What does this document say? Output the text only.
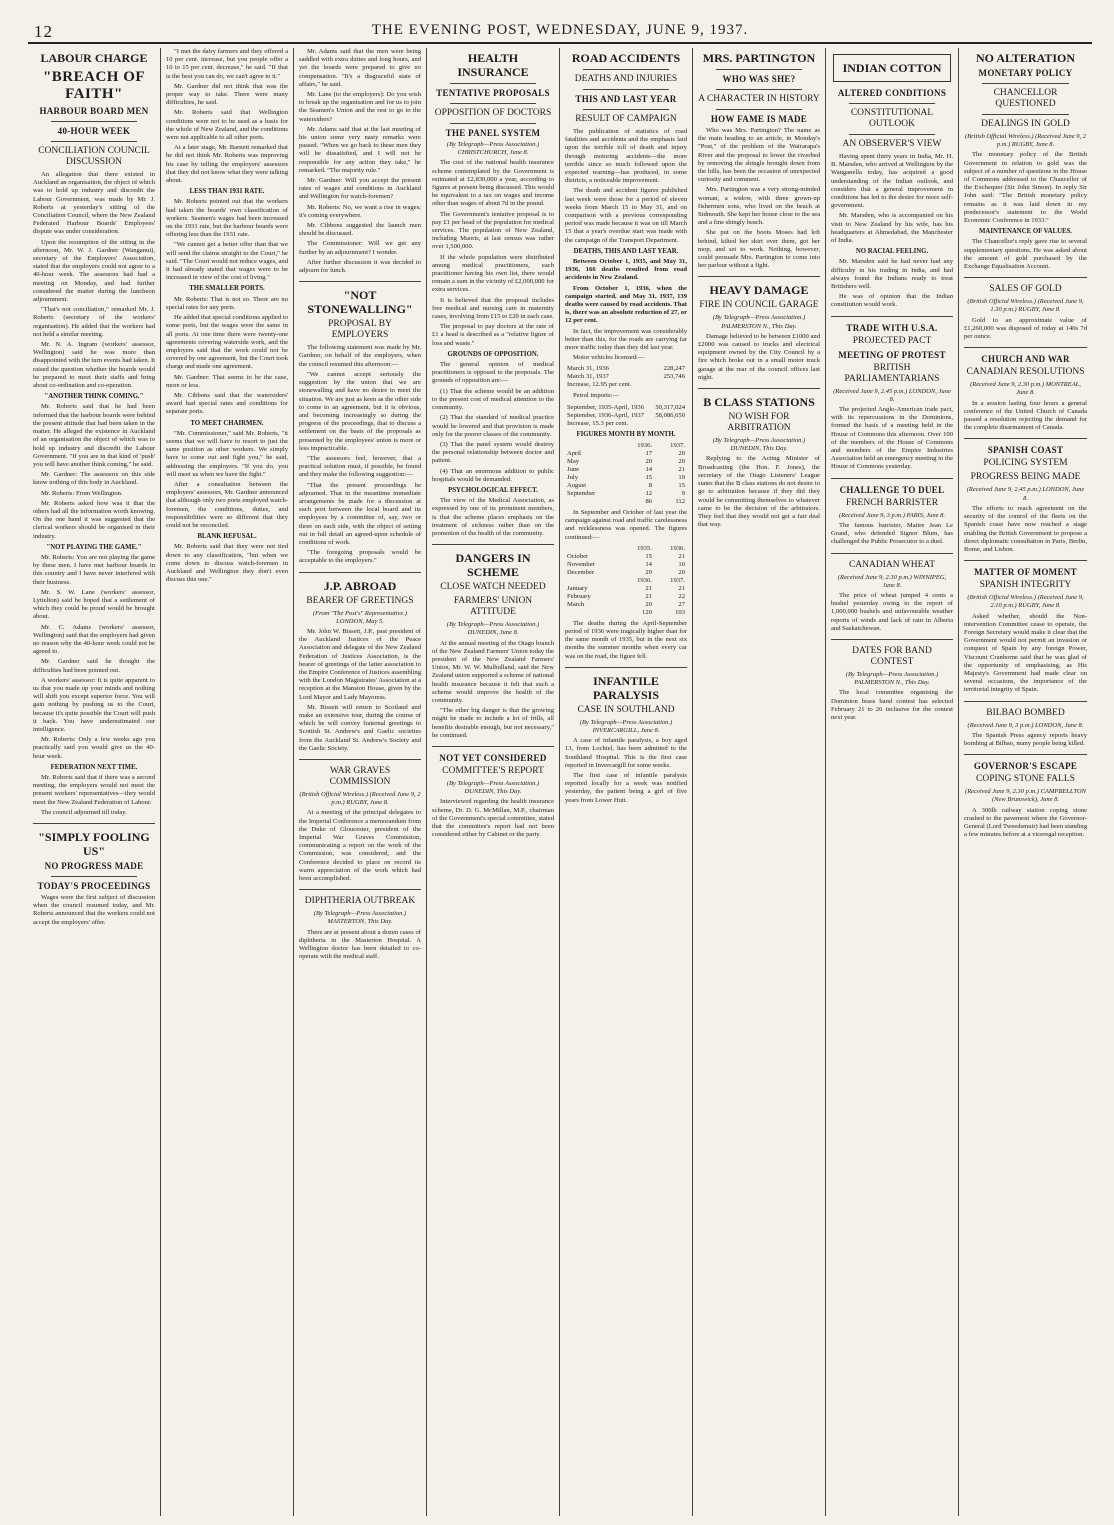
12	THE EVENING POST, WEDNESDAY, JUNE 9, 1937.
LABOUR CHARGE
"BREACH OF FAITH"
HARBOUR BOARD MEN
40-HOUR WEEK
CONCILIATION COUNCIL DISCUSSION

An allegation that there existed in Auckland an organisation, the object of which was to hold up industry and discredit the Labour Government, was made by Mr. J. Roberts at yesterday's sitting of the Conciliation Council, where the New Zealand Federated Harbour Boards' Employees' dispute was under consideration.

Upon the resumption of the sitting in the afternoon, Mr. W. J. Gardner (Wanganui), secretary of the Employers' Association, stated that the employers could not agree to a 40-hour week. The assessors had had a meeting on Monday, and had further considered the matter during the luncheon adjournment.

"That's not conciliation," remarked Mr. J. Roberts (secretary of the workers' organisation). He added that the workers had not held a similar meeting.

Mr. N. A. Ingram (workers' assessor, Wellington) said he was more than disappointed with the turn events had taken. It raised the question whether the boards would be prepared to meet their staffs and bring about co-ordination and co-operation.

"ANOTHER THINK COMING."

Mr. Roberts said that he had been informed that the harbour boards were behind the present attitude that had been taken in the matter. He alleged the existence in Auckland of an organisation the object of which was to hold up industry and discredit the Labour Government. "If you are in that kind of 'push' you will have another think coming," he said.

Mr. Gardner: The assessors on this side know nothing of this body in Auckland.

Mr. Roberts: From Wellington.

Mr. Roberts asked how was it that the others had all the information worth knowing. On the one hand it was suggested that the clerical workers should be organised in their industry.

"NOT PLAYING THE GAME."

Mr. Roberts: You are not playing the game by these men. I have met harbour boards in this country and I have never interfered with their business.

Mr. S. W. Lane (workers' assessor, Lyttelton) said he hoped that a settlement of which they could be proud would be brought about.

Mr. C. Adams (workers' assessor, Wellington) said that the employers had given no reason why the 40-hour week could not be agreed to.

Mr. Gardner said he thought the difficulties had been pointed out.

A workers' assessor: It is quite apparent to us that you made up your minds and nothing will shift you except superior force. You will gain nothing by pushing us to the Court, because it's quite possible the Court will push it back. You have underestimated our intelligence.

Mr. Roberts: Only a few weeks ago you practically said you would give us the 40-hour week.

FEDERATION NEXT TIME.

Mr. Roberts said that if there was a second meeting, the employers would not meet the present workers' representatives—they would meet the New Zealand Federation of Labour.

The council adjourned till today.

"SIMPLY FOOLING US"
NO PROGRESS MADE
TODAY'S PROCEEDINGS

Wages were the first subject of discussion when the council resumed today, and Mr. Roberts announced that the workers could not accept the employers' offer.

"I met the dairy farmers and they offered a 10 per cent. increase, but you people offer a 10 to 15 per cent. decrease," he said. "If that is the best you can do, we can't agree to it."

Mr. Gardner did not think that was the proper way to take. There were many difficulties, he said.

Mr. Roberts said that Wellington conditions were not to be used as a basis for the whole of New Zealand, and the conditions were not applicable to all other ports.

At a later stage, Mr. Barnett remarked that he did not think Mr. Roberts was improving his case by telling the employers' assessors that they did not know what they were talking about.

LESS THAN 1931 RATE.

Mr. Roberts pointed out that the workers had taken the boards' own classification of workers. Seamen's wages had been increased on the 1931 rate, but the harbour boards were offering less than the 1931 rate.

"We cannot get a better offer than that we will send the claims straight to the Court," he said. "The Court would not reduce wages, and it had already stated that wages were to be increased in view of the cost of living."

THE SMALLER PORTS.

Mr. Roberts: That is not so. There are no special rates for any ports.

He added that special conditions applied to some ports, but the wages were the same in all ports. At one time there were twenty-one agreements covering waterside work, and the employers said that the work could not be covered by one agreement, but the Court took charge and made one agreement.

Mr. Gardner: That seems to be the case, more or less.

Mr. Cibbons said that the watersiders' award had special rates and conditions for separate ports.

TO MEET CHAIRMEN.

"Mr. Commissioner," said Mr. Roberts, "it seems that we will have to resort to just the same position as other workers. We simply have to come out and fight you," he said, addressing the employers. "If you do, you will meet us when we have the fight."

After a consultation between the employers' assessors, Mr. Gardner announced that although only two ports employed watch-foremen, the conditions, duties, and responsibilities were so different that they could not be reconciled.

BLANK REFUSAL.

Mr. Roberts said that they were not tied down to any classification, "but when we come down to discuss watch-foremen in Auckland and Wellington they don't even discuss this one."

Mr. Adams said that the men were being saddled with extra duties and long hours, and yet the boards were prepared to give no compensation. "It's a disgraceful state of affairs," he said.

Mr. Lane (to the employers): Do you wish to break up the organisation and for us to join the Seamen's Union and the rest to go to the watersiders?

Mr. Adams said that at the last meeting of his union some very nasty remarks were passed. "When we go back to these men they will be dissatisfied, and I will not be responsible for any action they take," he remarked. "The majority rule."

Mr. Gardner: Will you accept the present rates of wages and conditions in Auckland and Wellington for watch-foremen?

Mr. Roberts: No, we want a rise in wages; it's coming everywhere.

Mr. Cibbons suggested the launch men should be discussed.

The Commissioner: Will we get any further by an adjournment? I wonder.

After further discussion it was decided to adjourn for lunch.

"NOT STONEWALLING"
PROPOSAL BY EMPLOYERS

The following statement was made by Mr. Gardner, on behalf of the employers, when the council resumed this afternoon:—

"We cannot accept seriously the suggestion by the union that we are stonewalling and have no desire to meet the situation. We are just as keen as the other side to come to an agreement, but it is obvious, and becoming increasingly so during the progress of the proceedings, that to discuss a settlement on the basis of the proposals as presented by the employees' union is more or less impracticable.

"The assessors feel, however, that a practical solution must, if possible, be found and they make the following suggestion:—

"That the present proceedings be adjourned. That in the meantime immediate arrangements be made for a discussion at each port between the local board and its employees by a committee of, say, two or three on each side, with the object of setting out in full detail an agreed-upon schedule of conditions of work.

"The foregoing proposals would be acceptable to the employers."

J.P. ABROAD
BEARER OF GREETINGS
(From "The Post's" Representative.) LONDON, May 5.

Mr. John W. Bissett, J.P., past president of the Auckland Justices of the Peace Association and delegate of the New Zealand Federation of Justices Association, is the bearer of greetings of the latter association to the Empire Conference of Justices assembling with the London Magistrates' Association at a reception at the Mansion House, given by the Lord Mayor and Lady Mayoress.

Mr. Bissett will return to Scotland and make an extensive tour, during the course of which he will convey fraternal greetings to Scottish St. Andrew's and Gaelic societies from the Auckland St. Andrew's Society and the Gaelic Society.

WAR GRAVES COMMISSION
(British Official Wireless.) (Received June 9, 2 p.m.) RUGBY, June 8.

At a meeting of the principal delegates to the Imperial Conference a memorandum from the Duke of Gloucester, president of the Imperial War Graves Commission, communicating a report on the work of the Commission, was considered, and the Conference decided to place on record its warm appreciation of the work which had been accomplished.

DIPHTHERIA OUTBREAK
(By Telegraph—Press Association.) MASTERTON, This Day.

There are at present about a dozen cases of diphtheria in the Masterton Hospital. A Wellington doctor has been detailed to co-operate with the medical staff.

HEALTH INSURANCE
TENTATIVE PROPOSALS
OPPOSITION OF DOCTORS
THE PANEL SYSTEM
(By Telegraph—Press Association.) CHRISTCHURCH, June 8.

The cost of the national health insurance scheme contemplated by the Government is estimated at £2,830,000 a year, according to figures at present being discussed. This would be equivalent to a tax on wages and income other than wages of about 7d in the pound.

The Government's tentative proposal is to pay £1 per head of the population for medical services. The population of New Zealand, including Maoris, at last census was rather over 1,500,000.

If the whole population were distributed among medical practitioners, each practitioner having his own list, there would remain a sum in the vicinity of £2,000,000 for extra services.

It is believed that the proposal includes free medical and nursing care in maternity cases, involving from £15 to £20 in each case.

The proposal to pay doctors at the rate of £1 a head is described as a "relative figure of loss and waste."

GROUNDS OF OPPOSITION.

The general opinion of medical practitioners is opposed to the proposals. The grounds of opposition are:—

(1) That the scheme would be an addition to the present cost of medical attention to the community.

(2) That the standard of medical practice would be lowered and that provision is made only for the poorer classes of the community.

(3) That the panel system would destroy the personal relationship between doctor and patient.

(4) That an enormous addition to public hospitals would be demanded.

PSYCHOLOGICAL EFFECT.

The view of the Medical Association, as expressed by one of its prominent members, is that the scheme places emphasis on the treatment of sickness rather than on the promotion of the health of the community.

DANGERS IN SCHEME
CLOSE WATCH NEEDED
FARMERS' UNION ATTITUDE
(By Telegraph—Press Association.) DUNEDIN, June 8.

At the annual meeting of the Otago branch of the New Zealand Farmers' Union today the president of the New Zealand Farmers' Union, Mr. W. W. Mulholland, said the New Zealand union supported a scheme of national health insurance because it felt that such a scheme would improve the health of the community.

"The other big danger is that the growing might be made to include a lot of frills, all benefits desirable enough, but not necessary," he continued.

NOT YET CONSIDERED
COMMITTEE'S REPORT
(By Telegraph—Press Association.) DUNEDIN, This Day.

Interviewed regarding the health insurance scheme, Dr. D. G. McMillan, M.P., chairman of the Government's special committee, stated that the committee's report had not been considered either by Cabinet or the party.

ROAD ACCIDENTS
DEATHS AND INJURIES
THIS AND LAST YEAR
RESULT OF CAMPAIGN

The publication of statistics of road fatalities and accidents and the emphasis laid upon the terrible toll of death and injury through motoring accidents—the more terrible since so much followed upon the expected warning—has produced, in some districts, a noticeable improvement.

The death and accident figures published last week were those for a period of eleven weeks from March 15 to May 31, and on comparison with a previous corresponding period was made because it was on till March 15 that a year's overdue start was made with the campaign of the Transport Department.

DEATHS, THIS AND LAST YEAR.

Between October 1, 1935, and May 31, 1936, 166 deaths resulted from road accidents in New Zealand.

From October 1, 1936, when the campaign started, and May 31, 1937, 139 deaths were caused by road accidents. That is, there was an absolute reduction of 27, or 12 per cent.

In fact, the improvement was considerably better than this, for the roads are carrying far more traffic today than they did last year.

Motor vehicles licensed:—

March 31, 1936	228,247
March 31, 1937	253,746
Increase, 12.95 per cent.	

Petrol imports:—

September, 1935-April, 1936	50,317,024
September, 1936-April, 1937	58,086,650
Increase, 15.3 per cent.	
FIGURES MONTH BY MONTH.
	1936.	1937.
April	17	20
May	20	20
June	14	21
July	15	19
August	8	15
September	12	9
	86	112

In September and October of last year the campaign against road and traffic carelessness and recklessness was opened. The figures continued:—

	1935.	1936.
October	15	21
November	14	10
December	29	20
	1936.	1937.
January	21	21
February	21	22
March	20	27
	120	103

The deaths during the April-September period of 1936 were tragically higher than for the same month of 1935, but in the next six months the summer months when every car was on the road, the figure fell.

INFANTILE PARALYSIS
CASE IN SOUTHLAND
(By Telegraph—Press Association.) INVERCARGILL, June 8.

A case of infantile paralysis, a boy aged 13, from Lochiel, has been admitted to the Southland Hospital. This is the first case reported in Invercargill for some weeks.

The first case of infantile paralysis reported locally for a week was notified yesterday, the patient being a girl of five years from Lower Hutt.

MRS. PARTINGTON
WHO WAS SHE?
A CHARACTER IN HISTORY
HOW FAME IS MADE

Who was Mrs. Partington? The name as the main heading to an article, in Monday's "Post," of the problem of the Wairarapa's River and the proposal to lower the riverbed by removing the shingle brought down from the hills, has been the occasion of unexpected curiosity and comment.

Mrs. Partington was a very strong-minded woman, a widow, with three grown-up fishermen sons, who lived on the beach at Sidmouth. She kept her house close to the sea and a fine shingly beach.

She put on the boots Moses had left behind, kilted her skirt over them, got her mop, and set to work. Nothing, however, could persuade Mrs. Partington to come into her parlour without a fight.

HEAVY DAMAGE
FIRE IN COUNCIL GARAGE
(By Telegraph—Press Association.) PALMERSTON N., This Day.

Damage believed to be between £1000 and £2000 was caused to trucks and electrical equipment owned by the City Council by a fire which broke out in a small motor truck garage at the rear of the council offices last night.

B CLASS STATIONS
NO WISH FOR ARBITRATION
(By Telegraph—Press Association.) DUNEDIN, This Day.

Replying to the Acting Minister of Broadcasting (the Hon. F. Jones), the secretary of the Otago Listeners' League states that the B class stations do not desire to go to arbitration because if they did they would be committing themselves to whatever came to be the decision of the arbitrators. They feel that they would not get a fair deal that way.

INDIAN COTTON
ALTERED CONDITIONS
CONSTITUTIONAL OUTLOOK
AN OBSERVER'S VIEW

Having spent thirty years in India, Mr. H. B. Marsden, who arrived at Wellington by the Wanganella today, has acquired a good understanding of the Indian outlook, and considers that a general improvement in conditions has led to the desire for more self-government.

Mr. Marsden, who is accompanied on his visit to New Zealand by his wife, has his headquarters at Ahmedabad, the Manchester of India.

NO RACIAL FEELING.

Mr. Marsden said he had never had any difficulty in his trading in India, and had always found the Indians ready to treat Britishers well.

He was of opinion that the Indian constitution would work.

TRADE WITH U.S.A.
PROJECTED PACT
MEETING OF PROTEST
BRITISH PARLIAMENTARIANS
(Received June 9, 2.45 p.m.) LONDON, June 8.

The projected Anglo-American trade pact, with its repercussions in the Dominions, formed the basis of a meeting held in the House of Commons this afternoon. Over 100 of the members of the House of Commons and members of the Empire Industries Association held an emergency meeting in the House of Commons yesterday.

CHALLENGE TO DUEL
FRENCH BARRISTER
(Received June 9, 3 p.m.) PARIS, June 8.

The famous barrister, Maitre Jean Le Grand, who defended Signor Blum, has challenged the Public Prosecutor to a duel.

CANADIAN WHEAT
(Received June 9, 2.30 p.m.) WINNIPEG, June 8.

The price of wheat jumped 4 cents a bushel yesterday owing to the report of 1,000,000 bushels and unfavourable weather reports of winds and lack of rain in Alberta and Saskatchewan.

DATES FOR BAND CONTEST
(By Telegraph—Press Association.) PALMERSTON N., This Day.

The local committee organising the Dominion brass band contest has selected February 21 to 26 inclusive for the contest next year.

NO ALTERATION
MONETARY POLICY
CHANCELLOR QUESTIONED
DEALINGS IN GOLD
(British Official Wireless.) (Received June 9, 2 p.m.) RUGBY, June 8.

The monetary policy of the British Government in relation to gold was the subject of a number of questions in the House of Commons addressed to the Chancellor of the Exchequer (Sir John Simon). In reply Sir John said: "The British monetary policy remains as it was laid down in my predecessor's statement to the World Economic Conference in 1933."

MAINTENANCE OF VALUES.

The Chancellor's reply gave rise to several supplementary questions. He was asked about the amount of gold purchased by the Exchange Equalisation Account.

SALES OF GOLD
(British Official Wireless.) (Received June 9, 1.30 p.m.) RUGBY, June 8.

Gold to an approximate value of £1,260,000 was disposed of today at 140s 7d per ounce.

CHURCH AND WAR
CANADIAN RESOLUTIONS
(Received June 9, 2.30 p.m.) MONTREAL, June 8.

In a session lasting four hours a general conference of the United Church of Canada passed a resolution rejecting the demand for the complete disarmament of Canada.

SPANISH COAST
POLICING SYSTEM
PROGRESS BEING MADE
(Received June 9, 2.45 p.m.) LONDON, June 8.

The efforts to reach agreement on the security of the control of the fleets on the Spanish coast have now reached a stage enabling the British Government to propose a direct diplomatic consultation in Paris, Berlin, Rome, and Lisbon.

MATTER OF MOMENT
SPANISH INTEGRITY
(British Official Wireless.) (Received June 9, 2.10 p.m.) RUGBY, June 8.

Asked whether, should the Non-intervention Committee cease to operate, the Foreign Secretary would make it clear that the Government would not permit an invasion or conquest of Spain by any foreign Power, Viscount Cranborne said that he was glad of the opportunity of emphasising, as His Majesty's Government had made clear on several occasions, the importance of the territorial integrity of Spain.

BILBAO BOMBED
(Received June 9, 3 p.m.) LONDON, June 8.

The Spanish Press agency reports heavy bombing at Bilbao, many people being killed.

GOVERNOR'S ESCAPE
COPING STONE FALLS
(Received June 9, 2.30 p.m.) CAMPBELLTON (New Brunswick), June 8.

A 300lb railway station coping stone crashed to the pavement where the Governor-General (Lord Tweedsmuir) had been standing a few minutes before at a viceregal reception.
